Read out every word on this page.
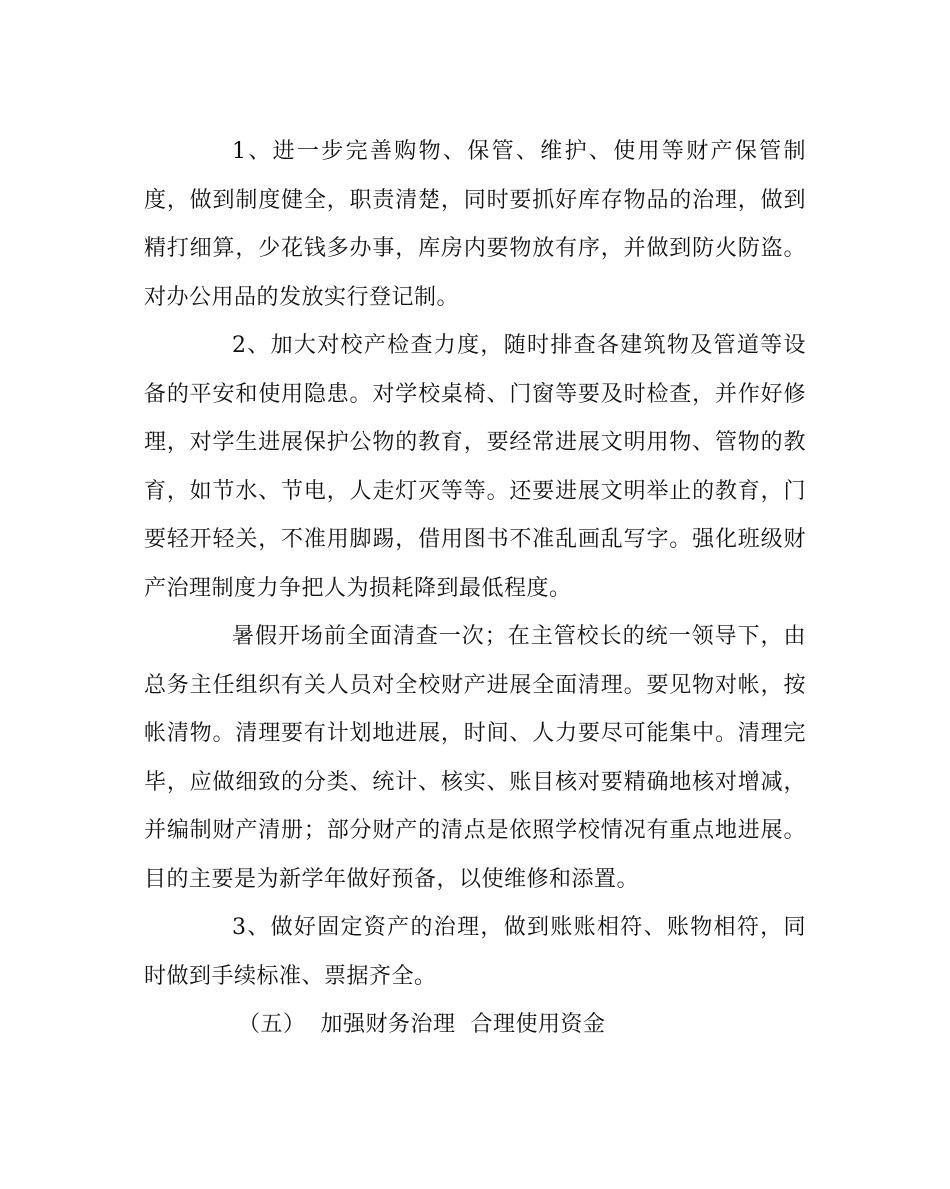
1、进一步完善购物、保管、维护、使用等财产保管制度，做到制度健全，职责清楚，同时要抓好库存物品的治理，做到精打细算，少花钱多办事，库房内要物放有序，并做到防火防盗。对办公用品的发放实行登记制。

2、加大对校产检查力度，随时排查各建筑物及管道等设备的平安和使用隐患。对学校桌椅、门窗等要及时检查，并作好修理，对学生进展保护公物的教育，要经常进展文明用物、管物的教育，如节水、节电，人走灯灭等等。还要进展文明举止的教育，门要轻开轻关，不准用脚踢，借用图书不准乱画乱写字。强化班级财产治理制度力争把人为损耗降到最低程度。

暑假开场前全面清查一次；在主管校长的统一领导下，由总务主任组织有关人员对全校财产进展全面清理。要见物对帐，按帐清物。清理要有计划地进展，时间、人力要尽可能集中。清理完毕，应做细致的分类、统计、核实、账目核对要精确地核对增减，并编制财产清册；部分财产的清点是依照学校情况有重点地进展。目的主要是为新学年做好预备，以使维修和添置。

3、做好固定资产的治理，做到账账相符、账物相符，同时做到手续标准、票据齐全。

（五）  加强财务治理  合理使用资金
